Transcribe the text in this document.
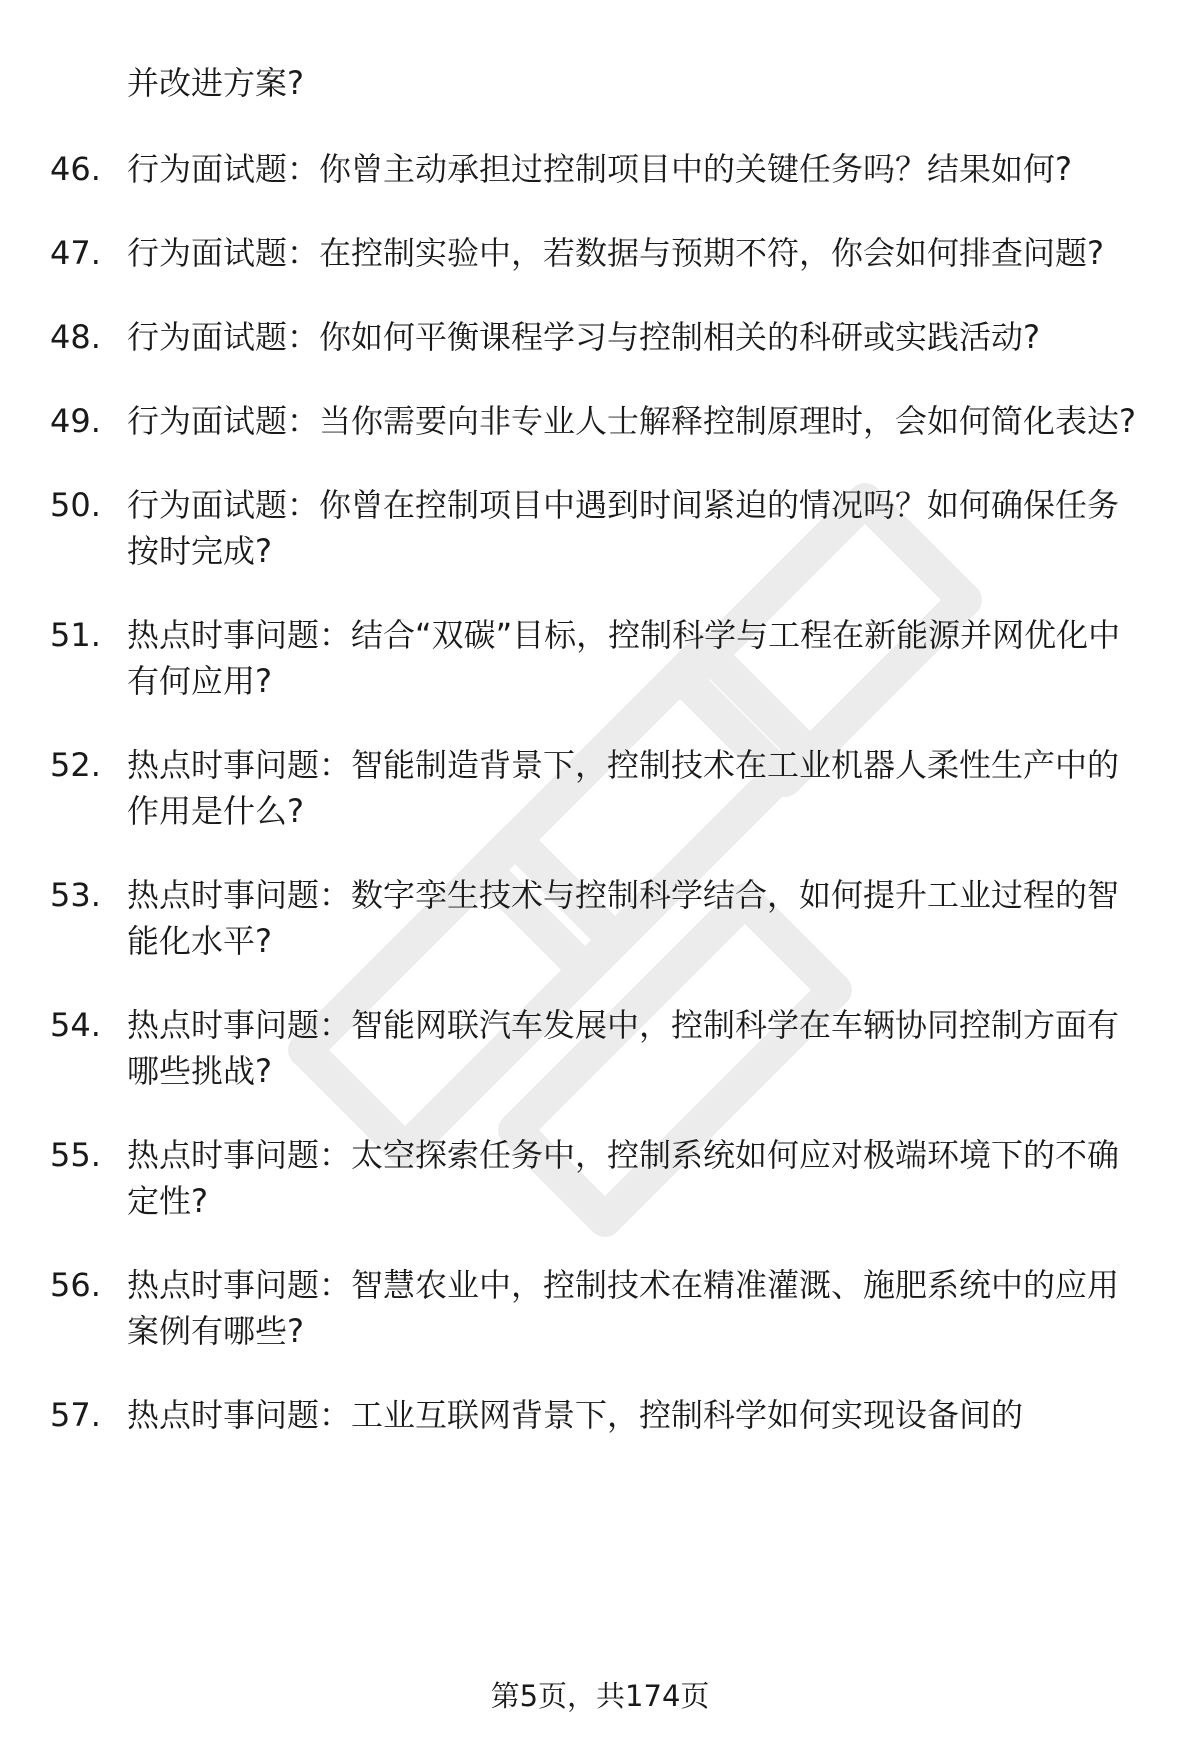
并改进方案?
46. 行为面试题：你曾主动承担过控制项目中的关键任务吗？结果如何?
47. 行为面试题：在控制实验中，若数据与预期不符，你会如何排查问题?
48. 行为面试题：你如何平衡课程学习与控制相关的科研或实践活动?
49. 行为面试题：当你需要向非专业人士解释控制原理时，会如何简化表达?
50. 行为面试题：你曾在控制项目中遇到时间紧迫的情况吗？如何确保任务按时完成?
51. 热点时事问题：结合“双碳”目标，控制科学与工程在新能源并网优化中有何应用?
52. 热点时事问题：智能制造背景下，控制技术在工业机器人柔性生产中的作用是什么?
53. 热点时事问题：数字孪生技术与控制科学结合，如何提升工业过程的智能化水平?
54. 热点时事问题：智能网联汽车发展中，控制科学在车辆协同控制方面有哪些挑战?
55. 热点时事问题：太空探索任务中，控制系统如何应对极端环境下的不确定性?
56. 热点时事问题：智慧农业中，控制技术在精准灌溉、施肥系统中的应用案例有哪些?
57. 热点时事问题：工业互联网背景下，控制科学如何实现设备间的
第5页，共174页
